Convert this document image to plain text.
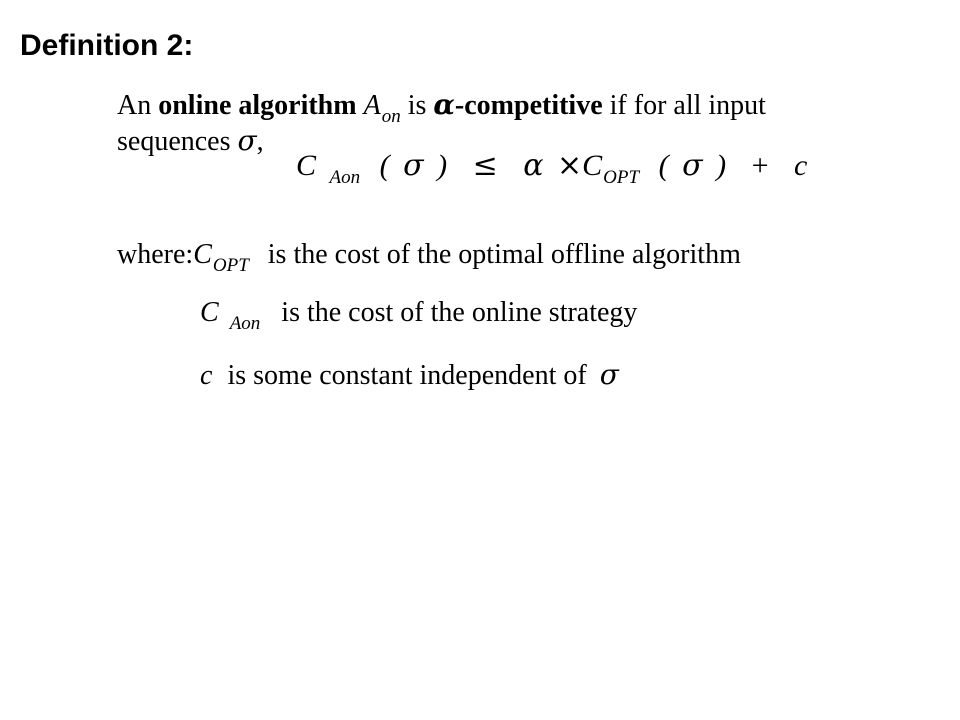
Definition 2:
An online algorithm $A_{on}$ is α-competitive if for all input
sequences σ,
C Aon ( σ ) ≤ α ×COPT ( σ ) + c
$where:C_{OPT}$ is the cost of the optimal offline algorithm
C $_{Aon}$ is the cost of the online strategy
c is some constant independent of σ
